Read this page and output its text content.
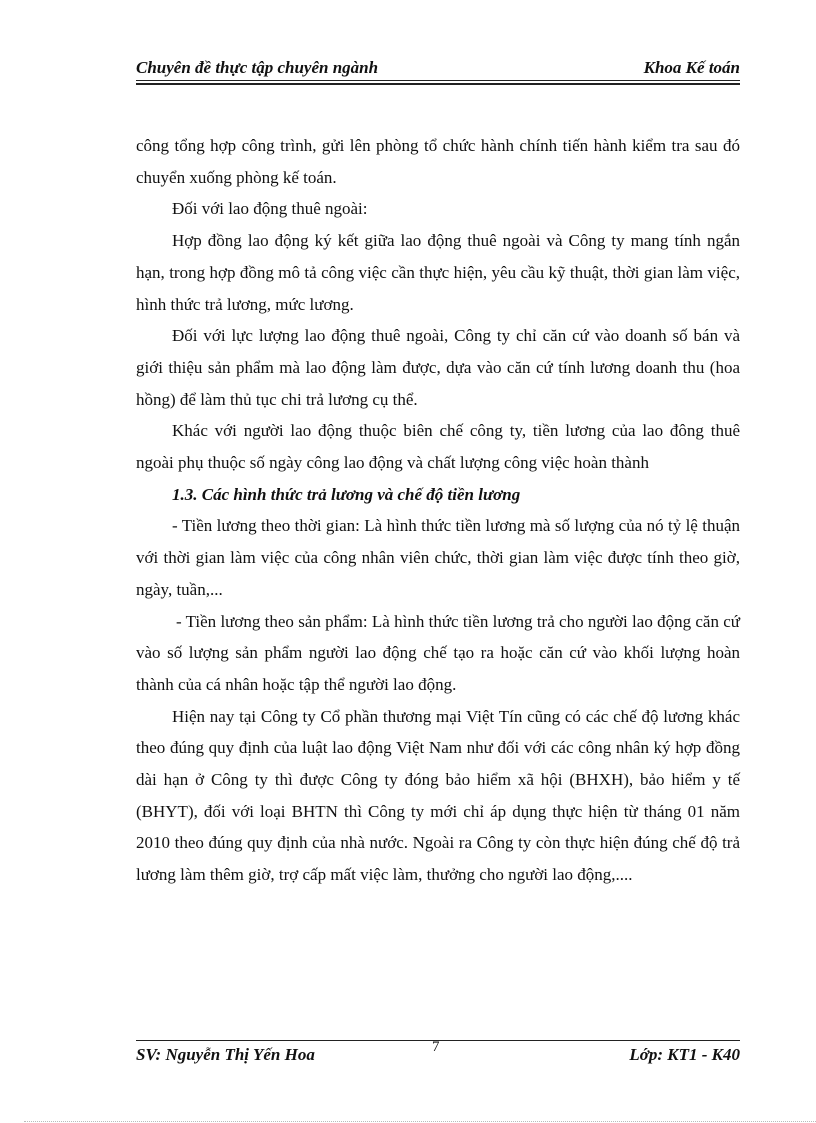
Chuyên đề thực tập chuyên ngành	Khoa Kế toán

công tổng hợp công trình, gửi lên phòng tổ chức hành chính tiến hành kiểm tra sau đó chuyển xuống phòng kế toán.

Đối với lao động thuê ngoài:

Hợp đồng lao động ký kết giữa lao động thuê ngoài và Công ty mang tính ngắn hạn, trong hợp đồng mô tả công việc cần thực hiện, yêu cầu kỹ thuật, thời gian làm việc, hình thức trả lương, mức lương.

Đối với lực lượng lao động thuê ngoài, Công ty chỉ căn cứ vào doanh số bán và giới thiệu sản phẩm mà lao động làm được, dựa vào căn cứ tính lương doanh thu (hoa hồng) để làm thủ tục chi trả lương cụ thể.

Khác với người lao động thuộc biên chế công ty, tiền lương của lao đông thuê ngoài phụ thuộc số ngày công lao động và chất lượng công việc hoàn thành

1.3. Các hình thức trả lương và chế độ tiền lương

- Tiền lương theo thời gian: Là hình thức tiền lương mà số lượng của nó tỷ lệ thuận với thời gian làm việc của công nhân viên chức, thời gian làm việc được tính theo giờ, ngày, tuần,...

- Tiền lương theo sản phẩm: Là hình thức tiền lương trả cho người lao động căn cứ vào số lượng sản phẩm người lao động chế tạo ra hoặc căn cứ vào khối lượng hoàn thành của cá nhân hoặc tập thể người lao động.

Hiện nay tại Công ty Cổ phần thương mại Việt Tín cũng có các chế độ lương khác theo đúng quy định của luật lao động Việt Nam như đối với các công nhân ký hợp đồng dài hạn ở Công ty thì được Công ty đóng bảo hiểm xã hội (BHXH), bảo hiểm y tế (BHYT), đối với loại BHTN thì Công ty mới chỉ áp dụng thực hiện từ tháng 01 năm 2010 theo đúng quy định của nhà nước. Ngoài ra Công ty còn thực hiện đúng chế độ trả lương làm thêm giờ, trợ cấp mất việc làm, thưởng cho người lao động,....

SV: Nguyễn Thị Yến Hoa	7	Lớp: KT1 - K40
